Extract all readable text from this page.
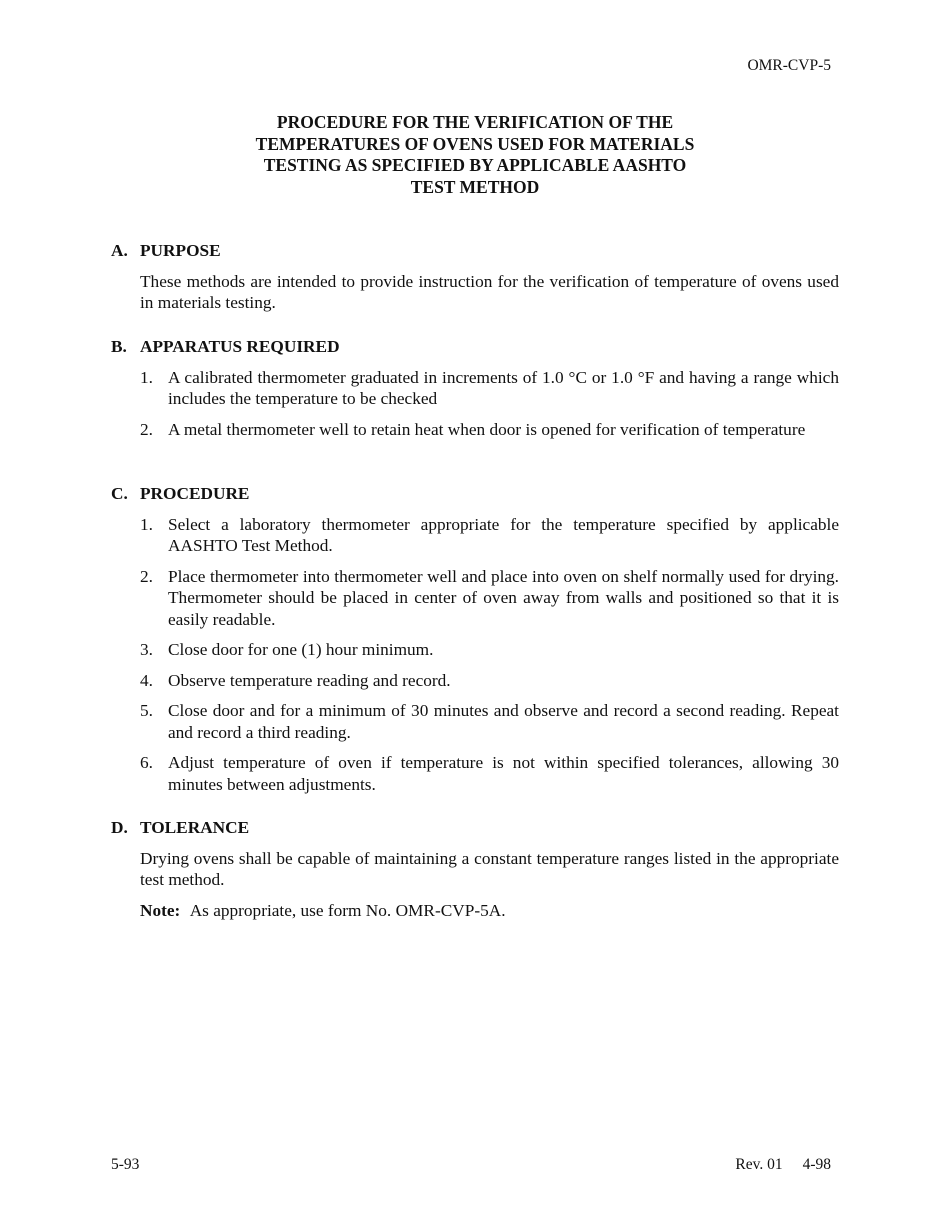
OMR-CVP-5
PROCEDURE FOR THE VERIFICATION OF THE
TEMPERATURES OF OVENS USED FOR MATERIALS
TESTING AS SPECIFIED BY APPLICABLE AASHTO
TEST METHOD
A. PURPOSE
These methods are intended to provide instruction for the verification of temperature of ovens used in materials testing.
B. APPARATUS REQUIRED
1. A calibrated thermometer graduated in increments of 1.0 °C or 1.0 °F and having a range which includes the temperature to be checked
2. A metal thermometer well to retain heat when door is opened for verification of temperature
C. PROCEDURE
1. Select a laboratory thermometer appropriate for the temperature specified by applicable AASHTO Test Method.
2. Place thermometer into thermometer well and place into oven on shelf normally used for drying. Thermometer should be placed in center of oven away from walls and positioned so that it is easily readable.
3. Close door for one (1) hour minimum.
4. Observe temperature reading and record.
5. Close door and for a minimum of 30 minutes and observe and record a second reading. Repeat and record a third reading.
6. Adjust temperature of oven if temperature is not within specified tolerances, allowing 30 minutes between adjustments.
D. TOLERANCE
Drying ovens shall be capable of maintaining a constant temperature ranges listed in the appropriate test method.
Note: As appropriate, use form No. OMR-CVP-5A.
5-93	Rev. 01 4-98
